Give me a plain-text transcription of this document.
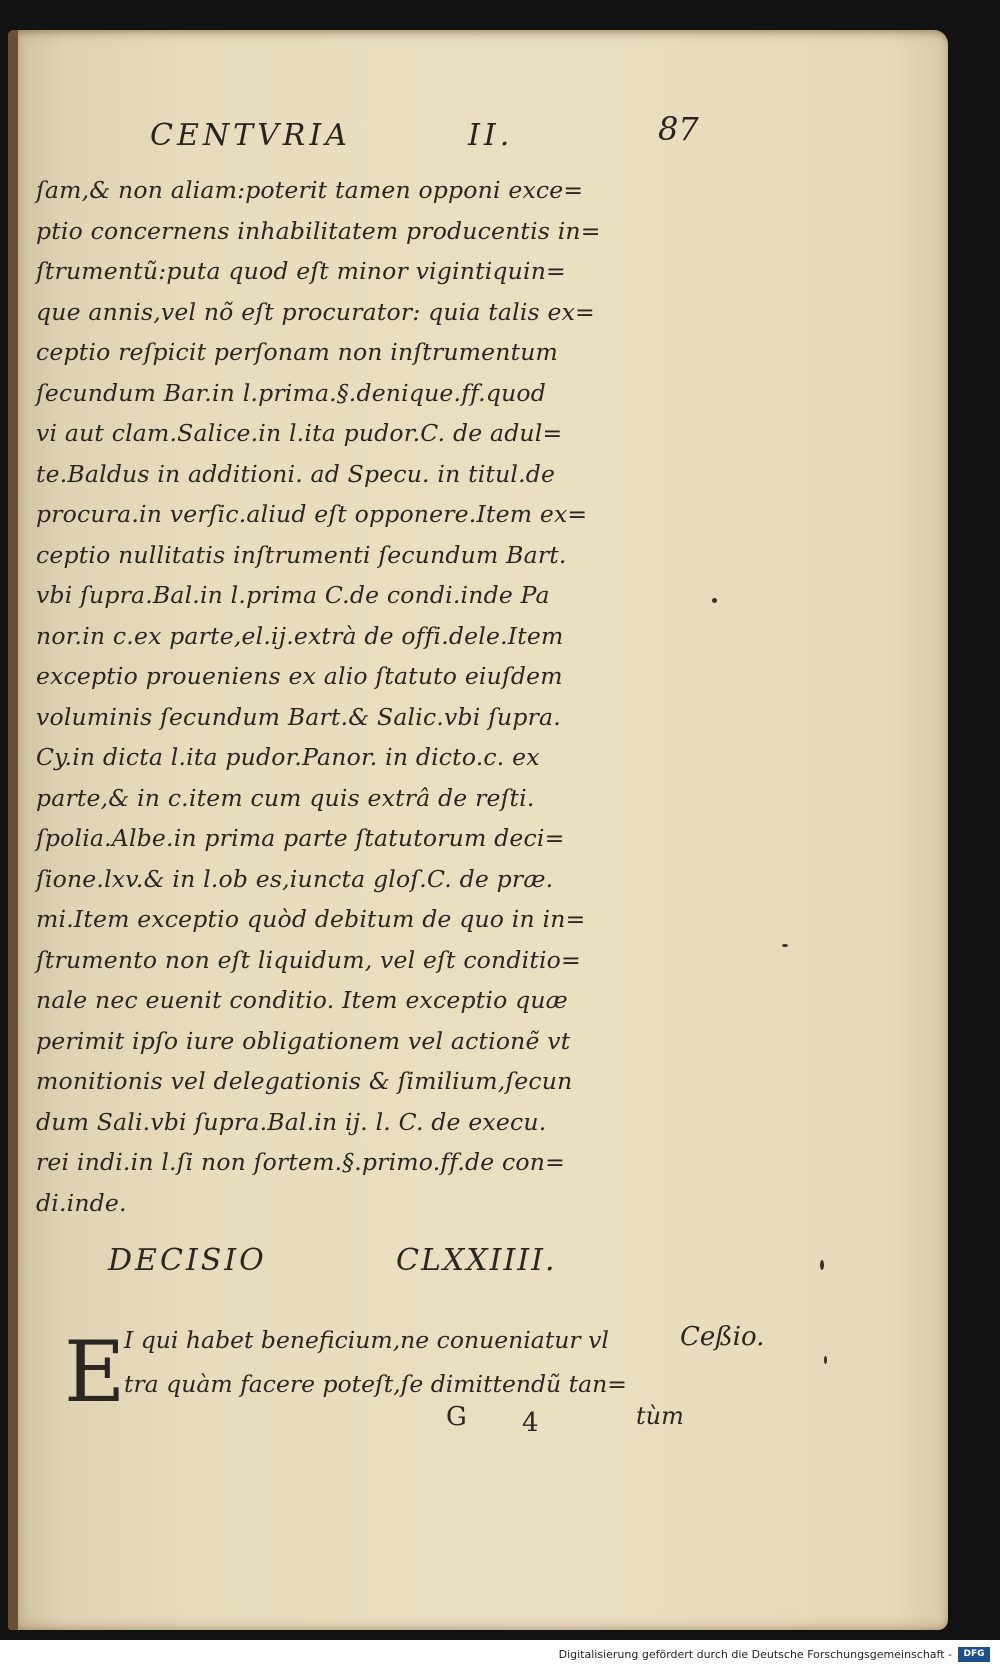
CENTVRIA	II.	87
ſam,& non aliam:poterit tamen opponi exce=
ptio concernens inhabilitatem producentis in=
ſtrumentũ:puta quod eſt minor vigintiquin=
que annis,vel nõ eſt procurator: quia talis ex=
ceptio reſpicit perſonam non inſtrumentum
ſecundum Bar.in l.prima.§.denique.ff.quod
vi aut clam.Salice.in l.ita pudor.C. de adul=
te.Baldus in additioni. ad Specu. in titul.de
procura.in verſic.aliud eſt opponere.Item ex=
ceptio nullitatis inſtrumenti ſecundum Bart.
vbi ſupra.Bal.in l.prima C.de condi.inde Pa
nor.in c.ex parte,el.ij.extrà de offi.dele.Item
exceptio proueniens ex alio ſtatuto eiuſdem
voluminis ſecundum Bart.& Salic.vbi ſupra.
Cy.in dicta l.ita pudor.Panor. in dicto.c. ex
parte,& in c.item cum quis extrâ de reſti.
ſpolia.Albe.in prima parte ſtatutorum deci=
ſione.lxv.& in l.ob es,iuncta gloſ.C. de præ.
mi.Item exceptio quòd debitum de quo in in=
ſtrumento non eſt liquidum, vel eſt conditio=
nale nec euenit conditio. Item exceptio quæ
perimit ipſo iure obligationem vel actionẽ vt
monitionis vel delegationis & ſimilium,ſecun
dum Sali.vbi ſupra.Bal.in ij. l. C. de execu.
rei indi.in l.ſi non ſortem.§.primo.ff.de con=
di.inde.
DECISIO	CLXXIIII.
E
I qui habet beneficium,ne conueniatur vl
tra quàm facere poteſt,ſe dimittendũ tan=
Ceßio.
G 4	tùm
Digitalisierung gefördert durch die Deutsche Forschungsgemeinschaft -	DFG
